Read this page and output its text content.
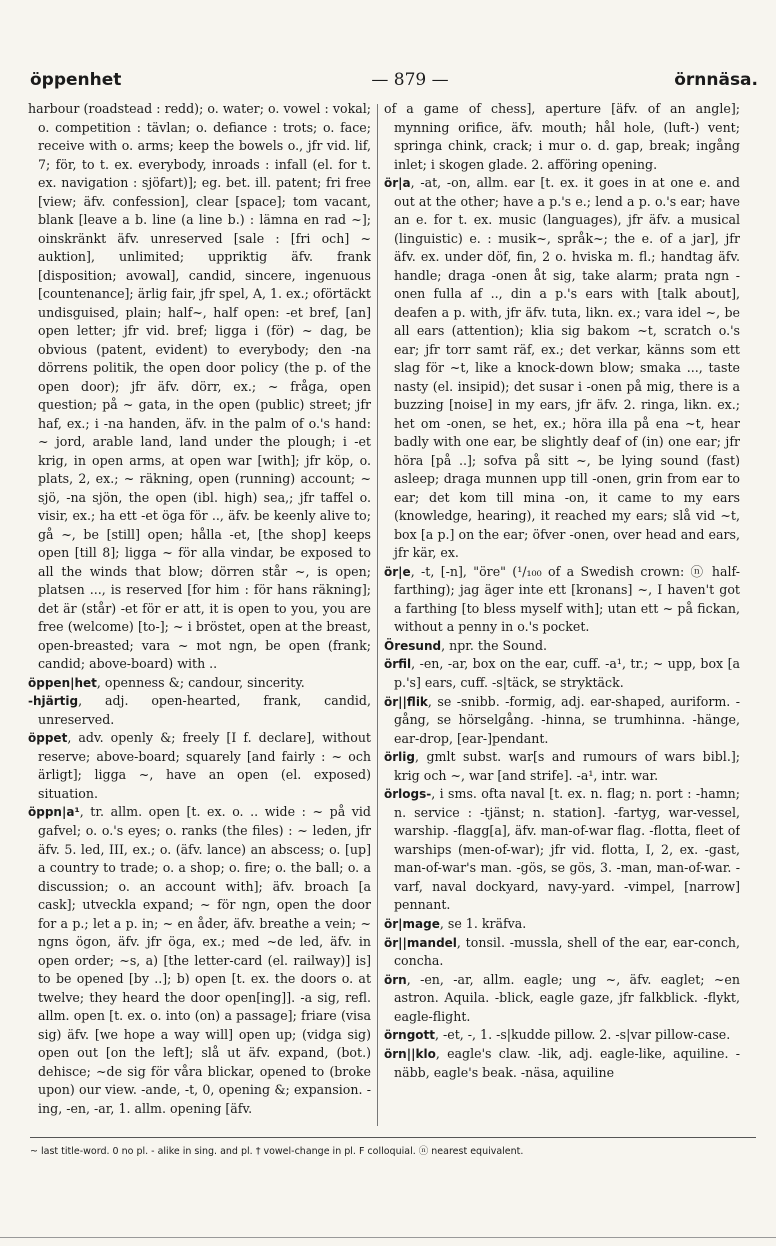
öppenhet	— 879 —	örnnäsa.

harbour (roadstead : redd); o. water; o. vowel : vokal; o. competition : tävlan; o. defiance : trots; o. face; receive with o. arms; keep the bowels o., jfr vid. lif, 7; för, to t. ex. everybody, inroads : infall (el. for t. ex. navigation : sjöfart)]; eg. bet. ill. patent; fri free [view; äfv. confession], clear [space]; tom vacant, blank [leave a b. line (a line b.) : lämna en rad ~]; oinskränkt äfv. unreserved [sale : [fri och] ~ auktion], unlimited; uppriktig äfv. frank [disposition; avowal], candid, sincere, ingenuous [countenance]; ärlig fair, jfr spel, A, 1. ex.; oförtäckt undisguised, plain; half~, half open: -et bref, [an] open letter; jfr vid. bref; ligga i (för) ~ dag, be obvious (patent, evident) to everybody; den -na dörrens politik, the open door policy (the p. of the open door); jfr äfv. dörr, ex.; ~ fråga, open question; på ~ gata, in the open (public) street; jfr haf, ex.; i -na handen, äfv. in the palm of o.'s hand: ~ jord, arable land, land under the plough; i -et krig, in open arms, at open war [with]; jfr köp, o. plats, 2, ex.; ~ räkning, open (running) account; ~ sjö, -na sjön, the open (ibl. high) sea,; jfr taffel o. visir, ex.; ha ett -et öga för .., äfv. be keenly alive to; gå ~, be [still] open; hålla -et, [the shop] keeps open [till 8]; ligga ~ för alla vindar, be exposed to all the winds that blow; dörren står ~, is open; platsen ..., is reserved [for him : för hans räkning]; det är (står) -et för er att, it is open to you, you are free (welcome) [to-]; ~ i bröstet, open at the breast, open-breasted; vara ~ mot ngn, be open (frank; candid; above-board) with ..

öppen|het, openness &; candour, sincerity.

-hjärtig, adj. open-hearted, frank, candid, unreserved.

öppet, adv. openly &; freely [I f. declare], without reserve; above-board; squarely [and fairly : ~ och ärligt]; ligga ~, have an open (el. exposed) situation.

öppn|a¹, tr. allm. open [t. ex. o. .. wide : ~ på vid gafvel; o. o.'s eyes; o. ranks (the files) : ~ leden, jfr äfv. 5. led, III, ex.; o. (äfv. lance) an abscess; o. [up] a country to trade; o. a shop; o. fire; o. the ball; o. a discussion; o. an account with]; äfv. broach [a cask]; utveckla expand; ~ för ngn, open the door for a p.; let a p. in; ~ en åder, äfv. breathe a vein; ~ ngns ögon, äfv. jfr öga, ex.; med ~de led, äfv. in open order; ~s, a) [the letter-card (el. railway)] is] to be opened [by ..]; b) open [t. ex. the doors o. at twelve; they heard the door open[ing]]. -a sig, refl. allm. open [t. ex. o. into (on) a passage]; friare (visa sig) äfv. [we hope a way will] open up; (vidga sig) open out [on the left]; slå ut äfv. expand, (bot.) dehisce; ~de sig för våra blickar, opened to (broke upon) our view. -ande, -t, 0, opening &; expansion. -ing, -en, -ar, 1. allm. opening [äfv.

of a game of chess], aperture [äfv. of an angle]; mynning orifice, äfv. mouth; hål hole, (luft-) vent; springa chink, crack; i mur o. d. gap, break; ingång inlet; i skogen glade. 2. afföring opening.

ör|a, -at, -on, allm. ear [t. ex. it goes in at one e. and out at the other; have a p.'s e.; lend a p. o.'s ear; have an e. for t. ex. music (languages), jfr äfv. a musical (linguistic) e. : musik~, språk~; the e. of a jar], jfr äfv. ex. under döf, fin, 2 o. hviska m. fl.; handtag äfv. handle; draga -onen åt sig, take alarm; prata ngn -onen fulla af .., din a p.'s ears with [talk about], deafen a p. with, jfr äfv. tuta, likn. ex.; vara idel ~, be all ears (attention); klia sig bakom ~t, scratch o.'s ear; jfr torr samt räf, ex.; det verkar, känns som ett slag för ~t, like a knock-down blow; smaka ..., taste nasty (el. insipid); det susar i -onen på mig, there is a buzzing [noise] in my ears, jfr äfv. 2. ringa, likn. ex.; het om -onen, se het, ex.; höra illa på ena ~t, hear badly with one ear, be slightly deaf of (in) one ear; jfr höra [på ..]; sofva på sitt ~, be lying sound (fast) asleep; draga munnen upp till -onen, grin from ear to ear; det kom till mina -on, it came to my ears (knowledge, hearing), it reached my ears; slå vid ~t, box [a p.] on the ear; öfver -onen, over head and ears, jfr kär, ex.

ör|e, -t, [-n], "öre" (¹/₁₀₀ of a Swedish crown: ⓝ half-farthing); jag äger inte ett [kronans] ~, I haven't got a farthing [to bless myself with]; utan ett ~ på fickan, without a penny in o.'s pocket.

Öresund, npr. the Sound.

örfil, -en, -ar, box on the ear, cuff. -a¹, tr.; ~ upp, box [a p.'s] ears, cuff. -s|täck, se stryktäck.

ör||flik, se -snibb. -formig, adj. ear-shaped, auriform. -gång, se hörselgång. -hinna, se trumhinna. -hänge, ear-drop, [ear-]pendant.

örlig, gmlt subst. war[s and rumours of wars bibl.]; krig och ~, war [and strife]. -a¹, intr. war.

örlogs-, i sms. ofta naval [t. ex. n. flag; n. port : -hamn; n. service : -tjänst; n. station]. -fartyg, war-vessel, warship. -flagg[a], äfv. man-of-war flag. -flotta, fleet of warships (men-of-war); jfr vid. flotta, I, 2, ex. -gast, man-of-war's man. -gös, se gös, 3. -man, man-of-war. -varf, naval dockyard, navy-yard. -vimpel, [narrow] pennant.

ör|mage, se 1. kräfva.

ör||mandel, tonsil. -mussla, shell of the ear, ear-conch, concha.

örn, -en, -ar, allm. eagle; ung ~, äfv. eaglet; ~en astron. Aquila. -blick, eagle gaze, jfr falkblick. -flykt, eagle-flight.

örngott, -et, -, 1. -s|kudde pillow. 2. -s|var pillow-case.

örn||klo, eagle's claw. -lik, adj. eagle-like, aquiline. -näbb, eagle's beak. -näsa, aquiline

~ last title-word. 0 no pl. - alike in sing. and pl. † vowel-change in pl. F colloquial. ⓝ nearest equivalent.
